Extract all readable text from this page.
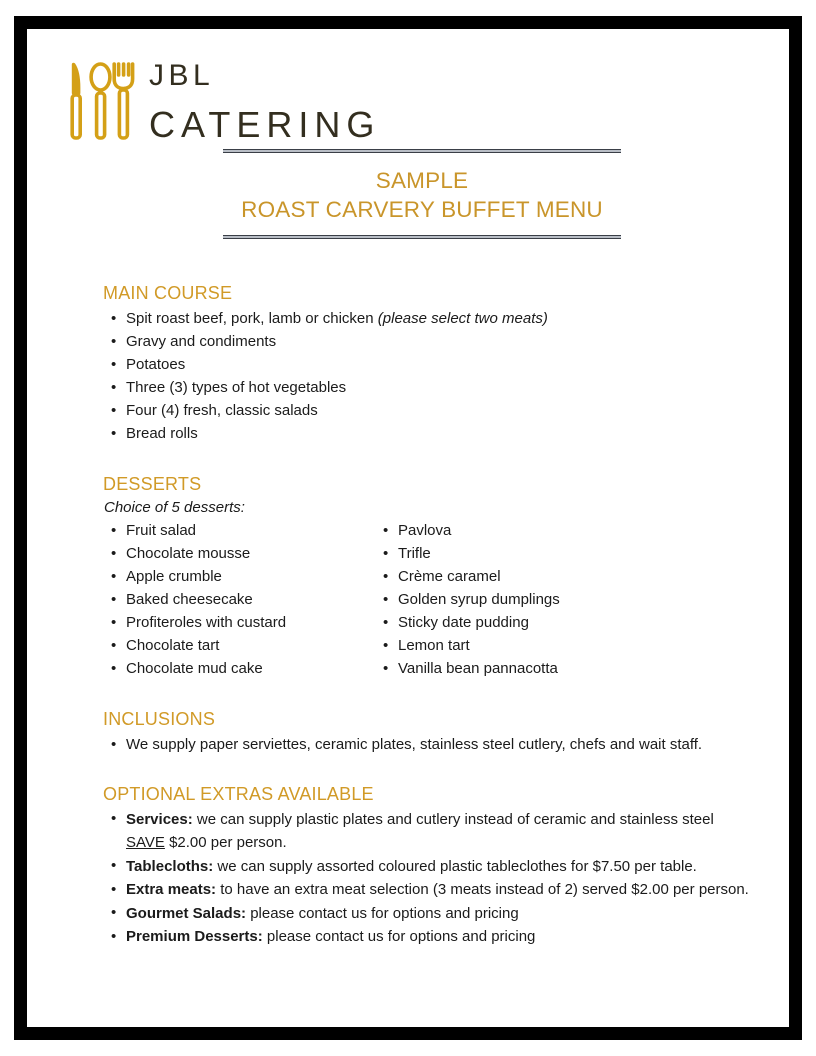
JBL
CATERING
SAMPLE
ROAST CARVERY BUFFET MENU
MAIN COURSE
• Spit roast beef, pork, lamb or chicken (please select two meats)
• Gravy and condiments
• Potatoes
• Three (3) types of hot vegetables
• Four (4) fresh, classic salads
• Bread rolls
DESSERTS
Choice of 5 desserts:
• Fruit salad
• Chocolate mousse
• Apple crumble
• Baked cheesecake
• Profiteroles with custard
• Chocolate tart
• Chocolate mud cake
• Pavlova
• Trifle
• Crème caramel
• Golden syrup dumplings
• Sticky date pudding
• Lemon tart
• Vanilla bean pannacotta
INCLUSIONS
• We supply paper serviettes, ceramic plates, stainless steel cutlery, chefs and wait staff.
OPTIONAL EXTRAS AVAILABLE
• Services: we can supply plastic plates and cutlery instead of ceramic and stainless steel SAVE $2.00 per person.
• Tablecloths: we can supply assorted coloured plastic tableclothes for $7.50 per table.
• Extra meats: to have an extra meat selection (3 meats instead of 2) served $2.00 per person.
• Gourmet Salads: please contact us for options and pricing
• Premium Desserts: please contact us for options and pricing
